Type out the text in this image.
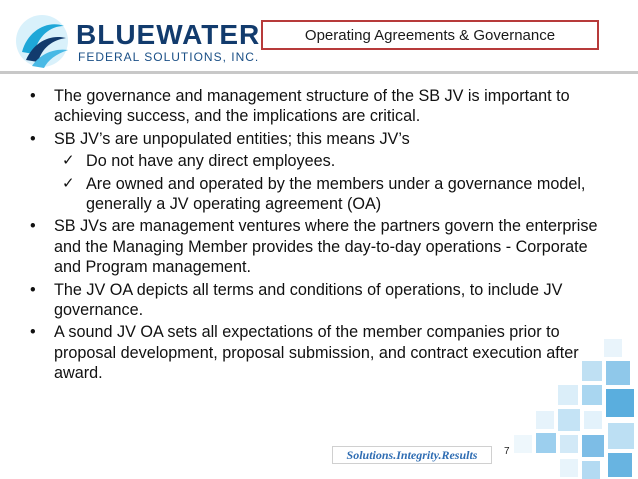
BLUEWATER
FEDERAL SOLUTIONS, INC.
Operating Agreements & Governance
• The governance and management structure of the SB JV is important to achieving success, and the implications are critical.
• SB JV’s are unpopulated entities; this means JV’s
✓ Do not have any direct employees.
✓ Are owned and operated by the members under a governance model, generally a JV operating agreement (OA)
• SB JVs are management ventures where the partners govern the enterprise and the Managing Member provides the day-to-day operations - Corporate and Program management.
• The JV OA depicts all terms and conditions of operations, to include JV governance.
• A sound JV OA sets all expectations of the member companies prior to proposal development, proposal submission, and contract execution after award.
Solutions.Integrity.Results	7
